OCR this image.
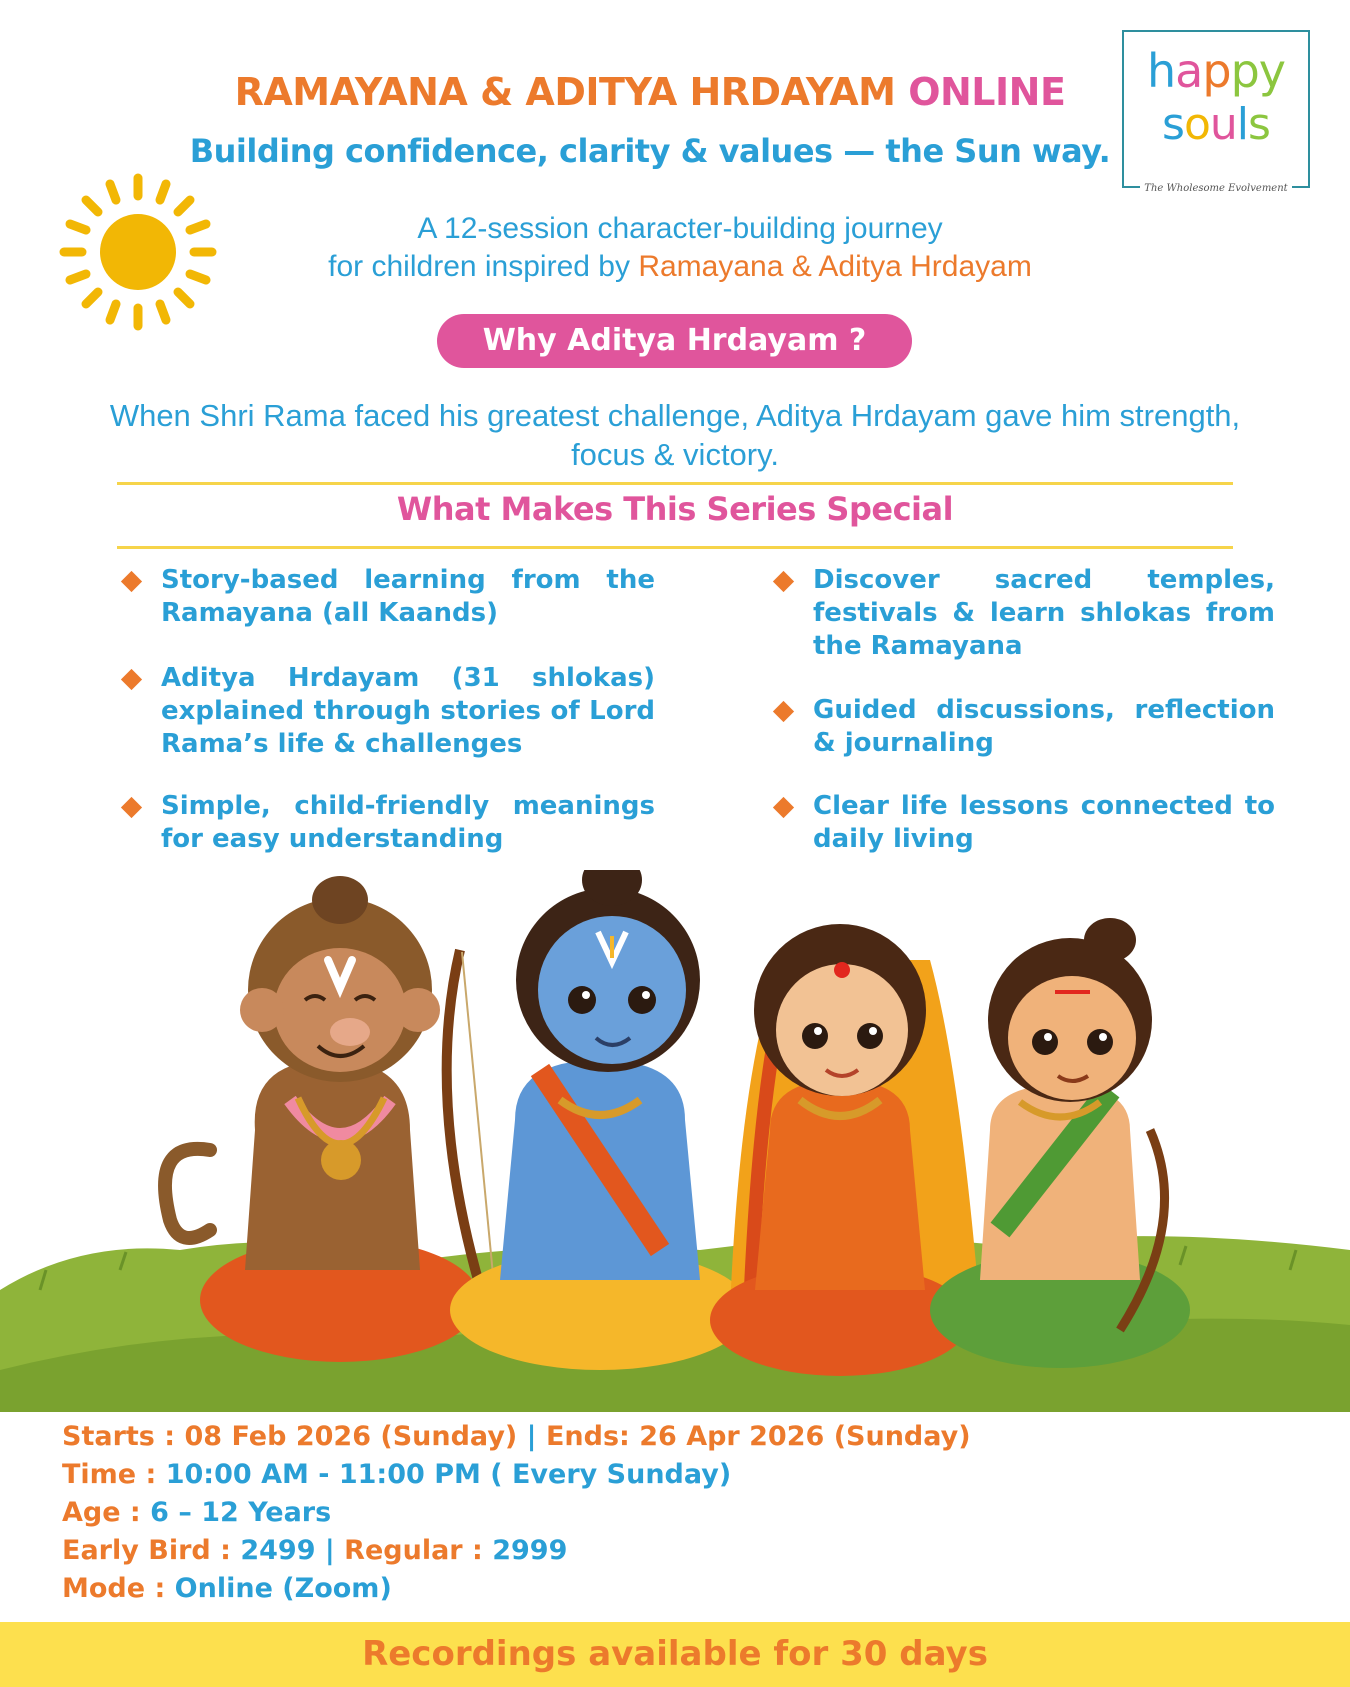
RAMAYANA & ADITYA HRDAYAM ONLINE
Building confidence, clarity & values — the Sun way.
happy
souls
The Wholesome Evolvement
A 12-session character-building journey
for children inspired by Ramayana & Aditya Hrdayam
Why Aditya Hrdayam ?
When Shri Rama faced his greatest challenge, Aditya Hrdayam gave him strength, focus & victory.
What Makes This Series Special
Story-based learning from the Ramayana (all Kaands)
Aditya Hrdayam (31 shlokas) explained through stories of Lord Rama’s life & challenges
Simple, child-friendly meanings for easy understanding
Discover sacred temples, festivals & learn shlokas from the Ramayana
Guided discussions, reflection & journaling
Clear life lessons connected to daily living
Starts : 08 Feb 2026 (Sunday) | Ends: 26 Apr 2026 (Sunday)
Time : 10:00 AM - 11:00 PM ( Every Sunday)
Age : 6 – 12 Years
Early Bird : 2499 | Regular : 2999
Mode : Online (Zoom)
Recordings available for 30 days
